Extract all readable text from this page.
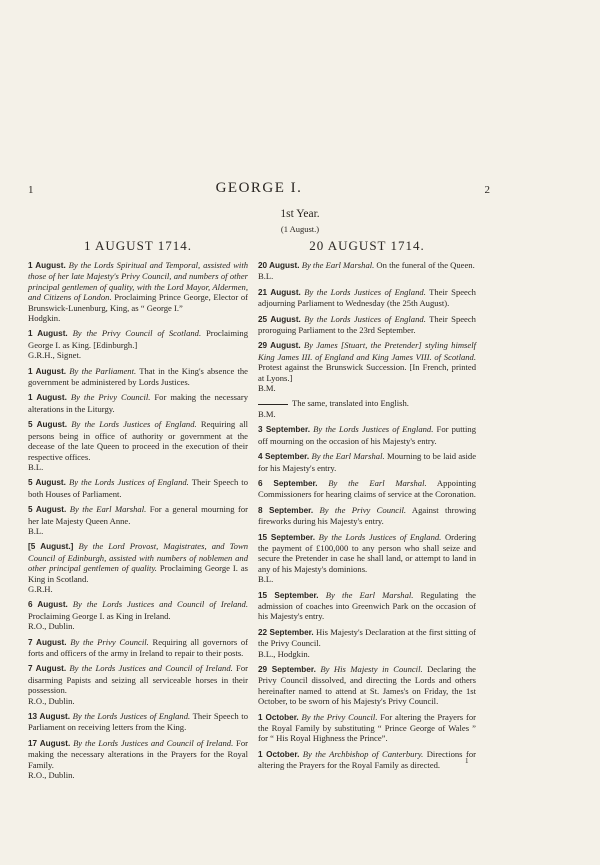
1	GEORGE I.	2
1st Year.
(1 August.)
1 AUGUST 1714.
1 August. By the Lords Spiritual and Temporal, assisted with those of her late Majesty's Privy Council, and numbers of other principal gentlemen of quality, with the Lord Mayor, Aldermen, and Citizens of London. Proclaiming Prince George, Elector of Brunswick-Lunenburg, King, as “ George I.”
Hodgkin.
1 August. By the Privy Council of Scotland. Proclaiming George I. as King. [Edinburgh.]
G.R.H., Signet.
1 August. By the Parliament. That in the King's absence the government be administered by Lords Justices.
1 August. By the Privy Council. For making the necessary alterations in the Liturgy.
5 August. By the Lords Justices of England. Requiring all persons being in office of authority or government at the decease of the late Queen to proceed in the execution of their respective offices.
B.L.
5 August. By the Lords Justices of England. Their Speech to both Houses of Parliament.
5 August. By the Earl Marshal. For a general mourning for her late Majesty Queen Anne.
B.L.
[5 August.] By the Lord Provost, Magistrates, and Town Council of Edinburgh, assisted with numbers of noblemen and other principal gentlemen of quality. Proclaiming George I. as King in Scotland.
G.R.H.
6 August. By the Lords Justices and Council of Ireland. Proclaiming George I. as King in Ireland.
R.O., Dublin.
7 August. By the Privy Council. Requiring all governors of forts and officers of the army in Ireland to repair to their posts.
7 August. By the Lords Justices and Council of Ireland. For disarming Papists and seizing all serviceable horses in their possession.
R.O., Dublin.
13 August. By the Lords Justices of England. Their Speech to Parliament on receiving letters from the King.
17 August. By the Lords Justices and Council of Ireland. For making the necessary alterations in the Prayers for the Royal Family.
R.O., Dublin.
20 AUGUST 1714.
20 August. By the Earl Marshal. On the funeral of the Queen.
B.L.
21 August. By the Lords Justices of England. Their Speech adjourning Parliament to Wednesday (the 25th August).
25 August. By the Lords Justices of England. Their Speech proroguing Parliament to the 23rd September.
29 August. By James [Stuart, the Pretender] styling himself King James III. of England and King James VIII. of Scotland. Protest against the Brunswick Succession. [In French, printed at Lyons.]
B.M.
The same, translated into English.
B.M.
3 September. By the Lords Justices of England. For putting off mourning on the occasion of his Majesty's entry.
4 September. By the Earl Marshal. Mourning to be laid aside for his Majesty's entry.
6 September. By the Earl Marshal. Appointing Commissioners for hearing claims of service at the Coronation.
8 September. By the Privy Council. Against throwing fireworks during his Majesty's entry.
15 September. By the Lords Justices of England. Ordering the payment of £100,000 to any person who shall seize and secure the Pretender in case he shall land, or attempt to land in any of his Majesty's dominions.
B.L.
15 September. By the Earl Marshal. Regulating the admission of coaches into Greenwich Park on the occasion of his Majesty's entry.
22 September. His Majesty's Declaration at the first sitting of the Privy Council.
B.L., Hodgkin.
29 September. By His Majesty in Council. Declaring the Privy Council dissolved, and directing the Lords and others hereinafter named to attend at St. James's on Friday, the 1st October, to be sworn of his Majesty's Privy Council.
1 October. By the Privy Council. For altering the Prayers for the Royal Family by substituting “ Prince George of Wales ” for “ His Royal Highness the Prince”.
1 October. By the Archbishop of Canterbury. Directions for altering the Prayers for the Royal Family as directed.	1
